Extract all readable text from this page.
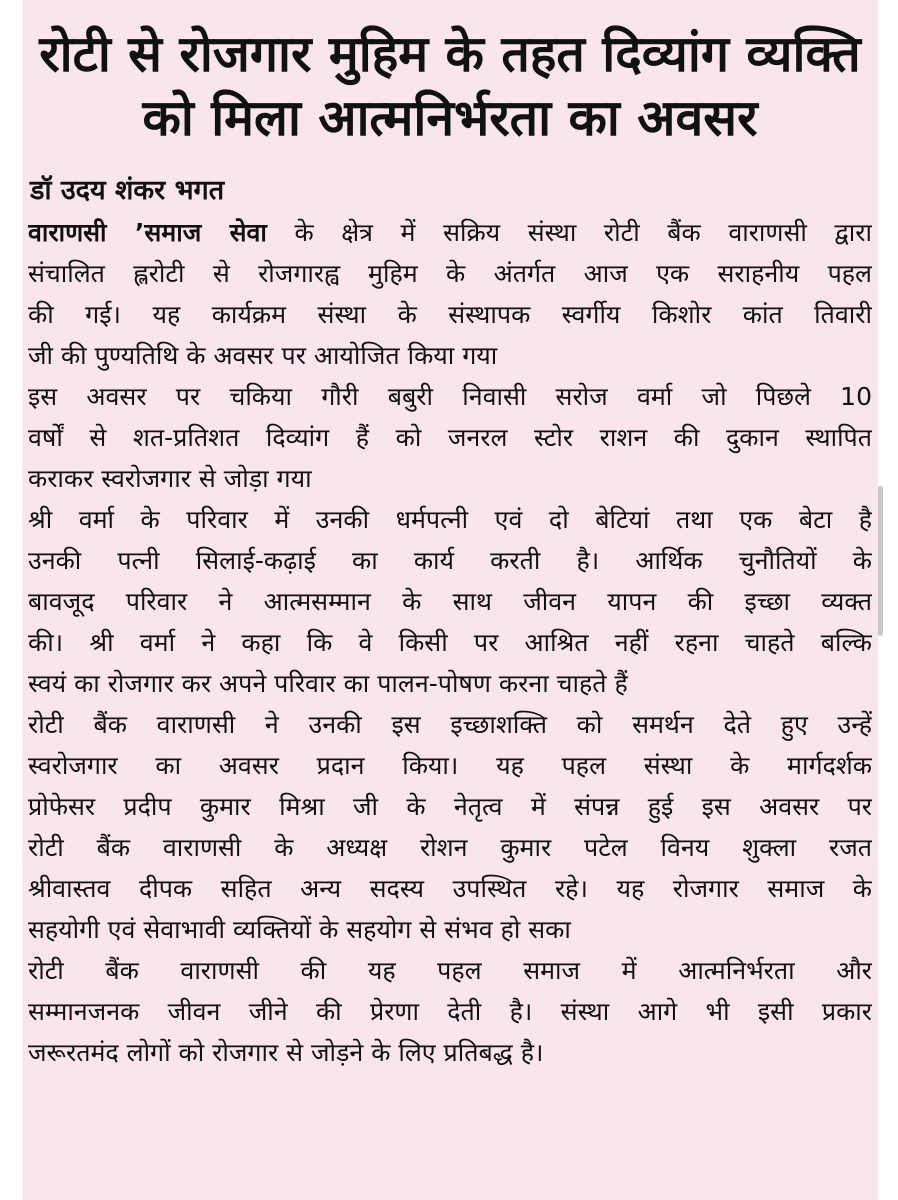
रोटी से रोजगार मुहिम के तहत दिव्यांग व्यक्ति
को मिला आत्मनिर्भरता का अवसर
डॉ उदय शंकर भगत
वाराणसी ’समाज सेवा के क्षेत्र में सक्रिय संस्था रोटी बैंक वाराणसी द्वारा
संचालित ह्लरोटी से रोजगारह्व मुहिम के अंतर्गत आज एक सराहनीय पहल
की गई। यह कार्यक्रम संस्था के संस्थापक स्वर्गीय किशोर कांत तिवारी
जी की पुण्यतिथि के अवसर पर आयोजित किया गया
इस अवसर पर चकिया गौरी बबुरी निवासी सरोज वर्मा जो पिछले 10
वर्षों से शत-प्रतिशत दिव्यांग हैं को जनरल स्टोर राशन की दुकान स्थापित
कराकर स्वरोजगार से जोड़ा गया
श्री वर्मा के परिवार में उनकी धर्मपत्नी एवं दो बेटियां तथा एक बेटा है
उनकी पत्नी सिलाई-कढ़ाई का कार्य करती है। आर्थिक चुनौतियों के
बावजूद परिवार ने आत्मसम्मान के साथ जीवन यापन की इच्छा व्यक्त
की। श्री वर्मा ने कहा कि वे किसी पर आश्रित नहीं रहना चाहते बल्कि
स्वयं का रोजगार कर अपने परिवार का पालन-पोषण करना चाहते हैं
रोटी बैंक वाराणसी ने उनकी इस इच्छाशक्ति को समर्थन देते हुए उन्हें
स्वरोजगार का अवसर प्रदान किया। यह पहल संस्था के मार्गदर्शक
प्रोफेसर प्रदीप कुमार मिश्रा जी के नेतृत्व में संपन्न हुई इस अवसर पर
रोटी बैंक वाराणसी के अध्यक्ष रोशन कुमार पटेल विनय शुक्ला रजत
श्रीवास्तव दीपक सहित अन्य सदस्य उपस्थित रहे। यह रोजगार समाज के
सहयोगी एवं सेवाभावी व्यक्तियों के सहयोग से संभव हो सका
रोटी बैंक वाराणसी की यह पहल समाज में आत्मनिर्भरता और
सम्मानजनक जीवन जीने की प्रेरणा देती है। संस्था आगे भी इसी प्रकार
जरूरतमंद लोगों को रोजगार से जोड़ने के लिए प्रतिबद्ध है।
